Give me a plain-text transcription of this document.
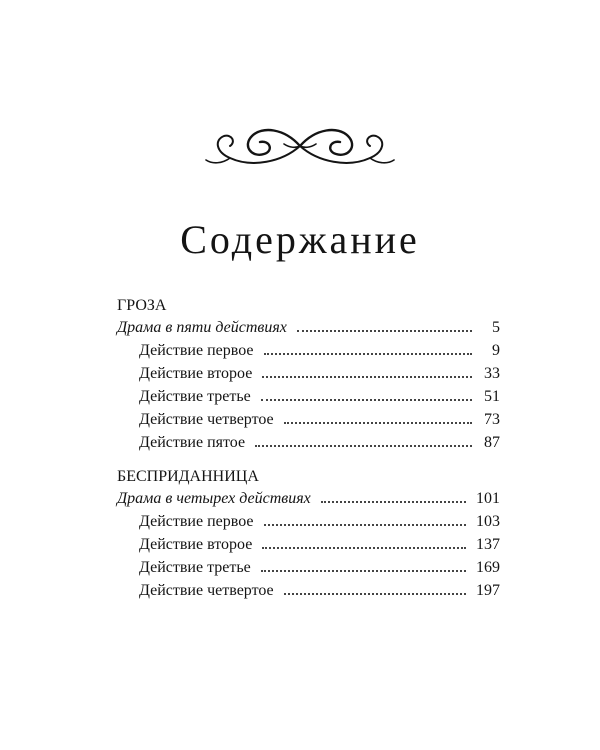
Содержание
ГРОЗА
Драма в пяти действиях	5
Действие первое	9
Действие второе	33
Действие третье	51
Действие четвертое	73
Действие пятое	87
БЕСПРИДАННИЦА
Драма в четырех действиях	101
Действие первое	103
Действие второе	137
Действие третье	169
Действие четвертое	197
